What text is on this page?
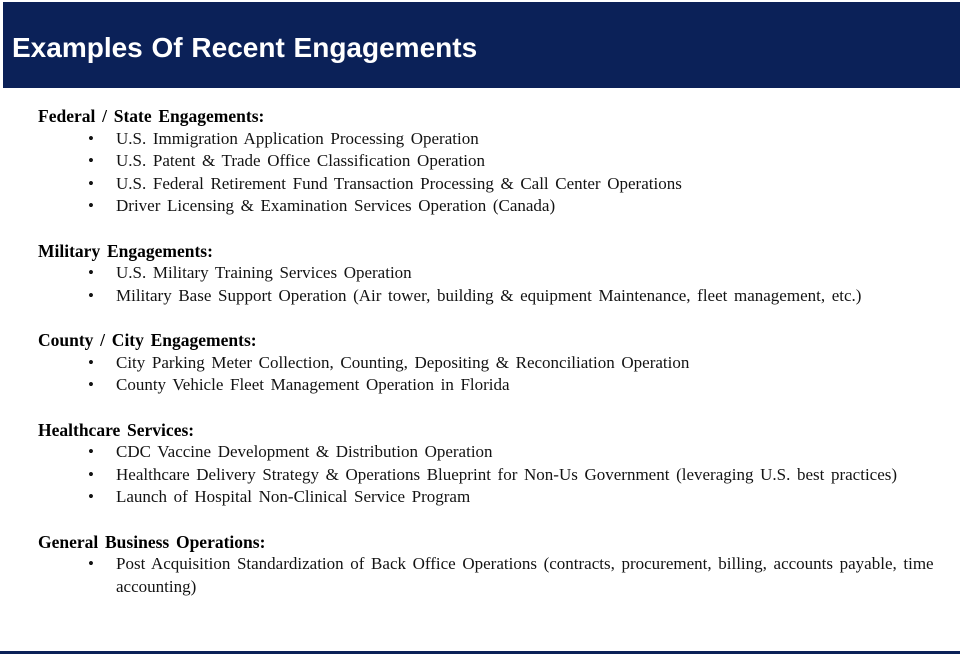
Examples Of Recent Engagements
Federal / State Engagements:
• U.S. Immigration Application Processing Operation
• U.S. Patent & Trade Office Classification Operation
• U.S. Federal Retirement Fund Transaction Processing & Call Center Operations
• Driver Licensing & Examination Services Operation (Canada)
Military Engagements:
• U.S. Military Training Services Operation
• Military Base Support Operation (Air tower, building & equipment Maintenance, fleet management, etc.)
County / City Engagements:
• City Parking Meter Collection, Counting, Depositing & Reconciliation Operation
• County Vehicle Fleet Management Operation in Florida
Healthcare Services:
• CDC Vaccine Development & Distribution Operation
• Healthcare Delivery Strategy & Operations Blueprint for Non-Us Government (leveraging U.S. best practices)
• Launch of Hospital Non-Clinical Service Program
General Business Operations:
• Post Acquisition Standardization of Back Office Operations (contracts, procurement, billing, accounts payable, time accounting)
